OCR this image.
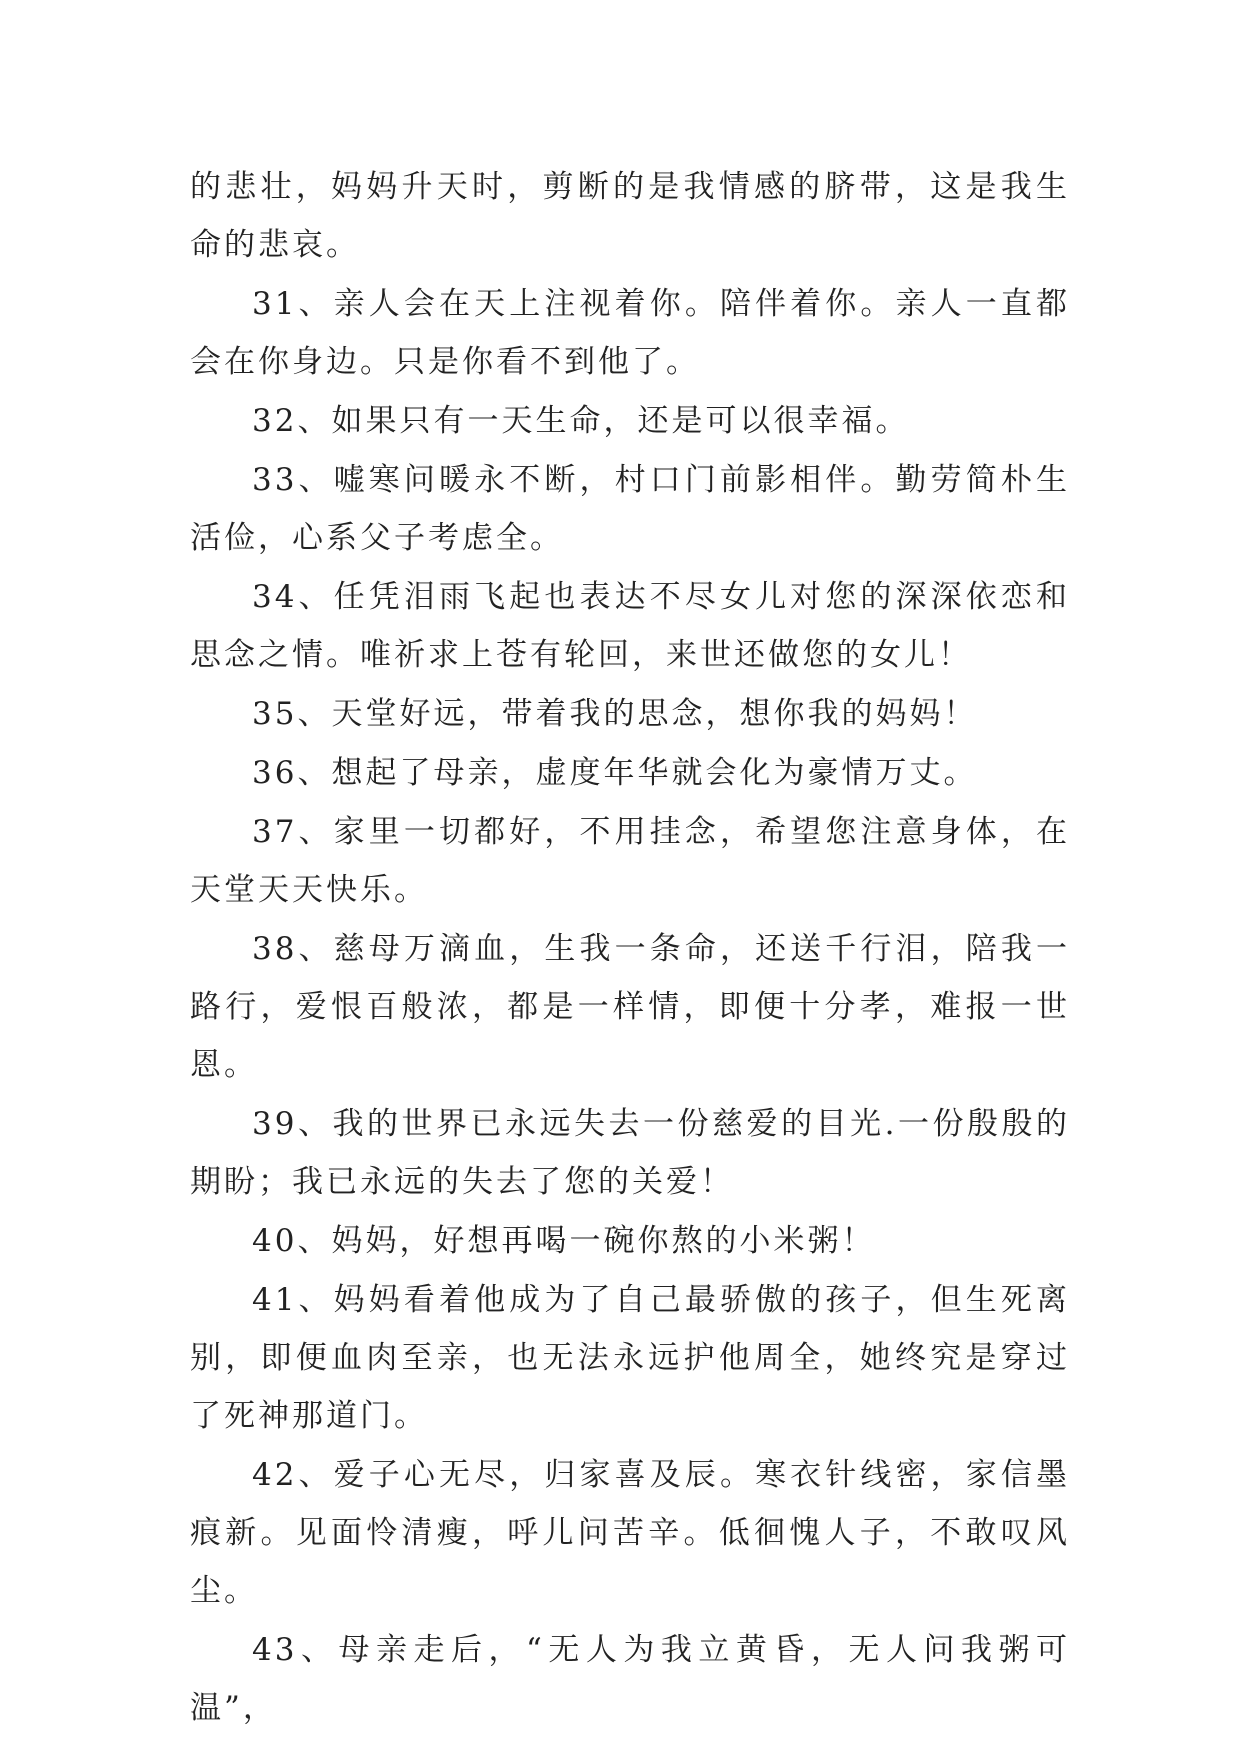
的悲壮，妈妈升天时，剪断的是我情感的脐带，这是我生命的悲哀。

31、亲人会在天上注视着你。陪伴着你。亲人一直都会在你身边。只是你看不到他了。

32、如果只有一天生命，还是可以很幸福。

33、嘘寒问暖永不断，村口门前影相伴。勤劳简朴生活俭，心系父子考虑全。

34、任凭泪雨飞起也表达不尽女儿对您的深深依恋和思念之情。唯祈求上苍有轮回，来世还做您的女儿！

35、天堂好远，带着我的思念，想你我的妈妈！

36、想起了母亲，虚度年华就会化为豪情万丈。

37、家里一切都好，不用挂念，希望您注意身体，在天堂天天快乐。

38、慈母万滴血，生我一条命，还送千行泪，陪我一路行，爱恨百般浓，都是一样情，即便十分孝，难报一世恩。

39、我的世界已永远失去一份慈爱的目光.一份殷殷的期盼；我已永远的失去了您的关爱！

40、妈妈，好想再喝一碗你熬的小米粥！

41、妈妈看着他成为了自己最骄傲的孩子，但生死离别，即便血肉至亲，也无法永远护他周全，她终究是穿过了死神那道门。

42、爱子心无尽，归家喜及辰。寒衣针线密，家信墨痕新。见面怜清瘦，呼儿问苦辛。低徊愧人子，不敢叹风尘。

43、母亲走后，“无人为我立黄昏，无人问我粥可温”，
